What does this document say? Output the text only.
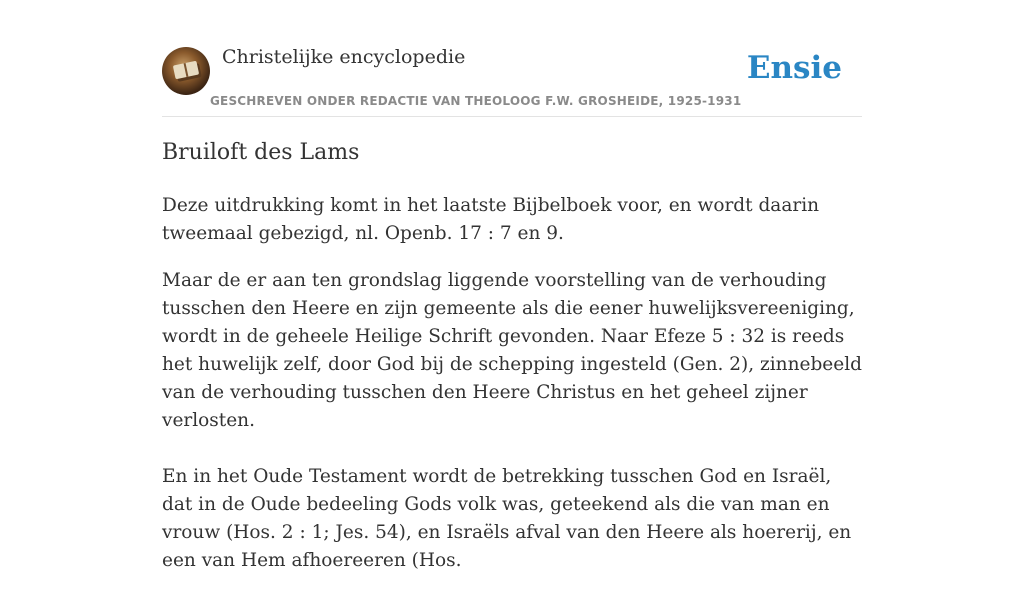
Christelijke encyclopedie
GESCHREVEN ONDER REDACTIE VAN THEOLOOG F.W. GROSHEIDE, 1925-1931
Ensie
Bruiloft des Lams

Deze uitdrukking komt in het laatste Bijbelboek voor, en wordt daarin tweemaal gebezigd, nl. Openb. 17 : 7 en 9.

Maar de er aan ten grondslag liggende voorstelling van de verhouding tusschen den Heere en zijn gemeente als die eener huwelijksvereeniging, wordt in de geheele Heilige Schrift gevonden. Naar Efeze 5 : 32 is reeds het huwelijk zelf, door God bij de schepping ingesteld (Gen. 2), zinnebeeld van de verhouding tusschen den Heere Christus en het geheel zijner verlosten.

En in het Oude Testament wordt de betrekking tusschen God en Israël, dat in de Oude bedeeling Gods volk was, geteekend als die van man en vrouw (Hos. 2 : 1; Jes. 54), en Israëls afval van den Heere als hoererij, en een van Hem afhoereeren (Hos.
